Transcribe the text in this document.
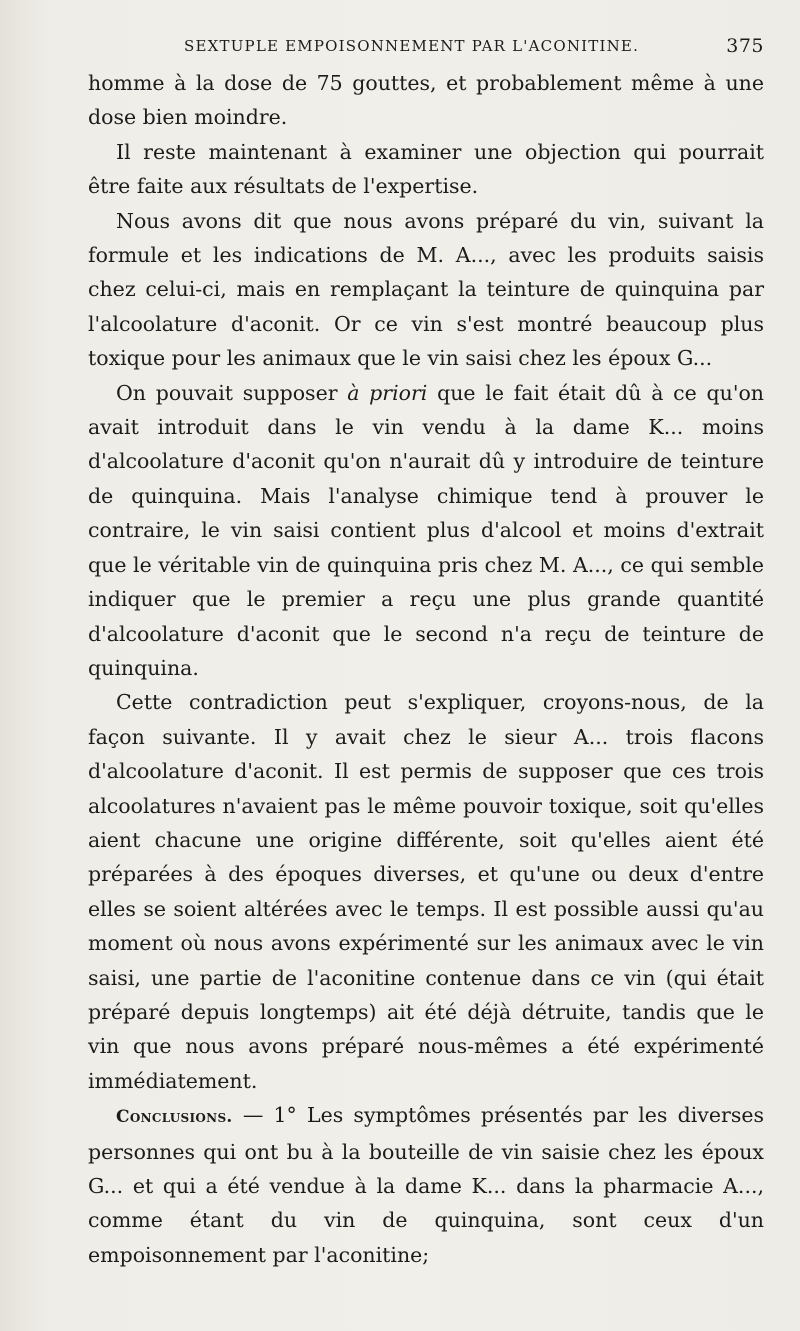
SEXTUPLE EMPOISONNEMENT PAR L'ACONITINE.	375

homme à la dose de 75 gouttes, et probablement même à une dose bien moindre.

Il reste maintenant à examiner une objection qui pourrait être faite aux résultats de l'expertise.

Nous avons dit que nous avons préparé du vin, suivant la formule et les indications de M. A..., avec les produits saisis chez celui-ci, mais en remplaçant la teinture de quinquina par l'alcoolature d'aconit. Or ce vin s'est montré beaucoup plus toxique pour les animaux que le vin saisi chez les époux G...

On pouvait supposer à priori que le fait était dû à ce qu'on avait introduit dans le vin vendu à la dame K... moins d'alcoolature d'aconit qu'on n'aurait dû y introduire de teinture de quinquina. Mais l'analyse chimique tend à prouver le contraire, le vin saisi contient plus d'alcool et moins d'extrait que le véritable vin de quinquina pris chez M. A..., ce qui semble indiquer que le premier a reçu une plus grande quantité d'alcoolature d'aconit que le second n'a reçu de teinture de quinquina.

Cette contradiction peut s'expliquer, croyons-nous, de la façon suivante. Il y avait chez le sieur A... trois flacons d'alcoolature d'aconit. Il est permis de supposer que ces trois alcoolatures n'avaient pas le même pouvoir toxique, soit qu'elles aient chacune une origine différente, soit qu'elles aient été préparées à des époques diverses, et qu'une ou deux d'entre elles se soient altérées avec le temps. Il est possible aussi qu'au moment où nous avons expérimenté sur les animaux avec le vin saisi, une partie de l'aconitine contenue dans ce vin (qui était préparé depuis longtemps) ait été déjà détruite, tandis que le vin que nous avons préparé nous-mêmes a été expérimenté immédiatement.

Conclusions. — 1° Les symptômes présentés par les diverses personnes qui ont bu à la bouteille de vin saisie chez les époux G... et qui a été vendue à la dame K... dans la pharmacie A..., comme étant du vin de quinquina, sont ceux d'un empoisonnement par l'aconitine;
